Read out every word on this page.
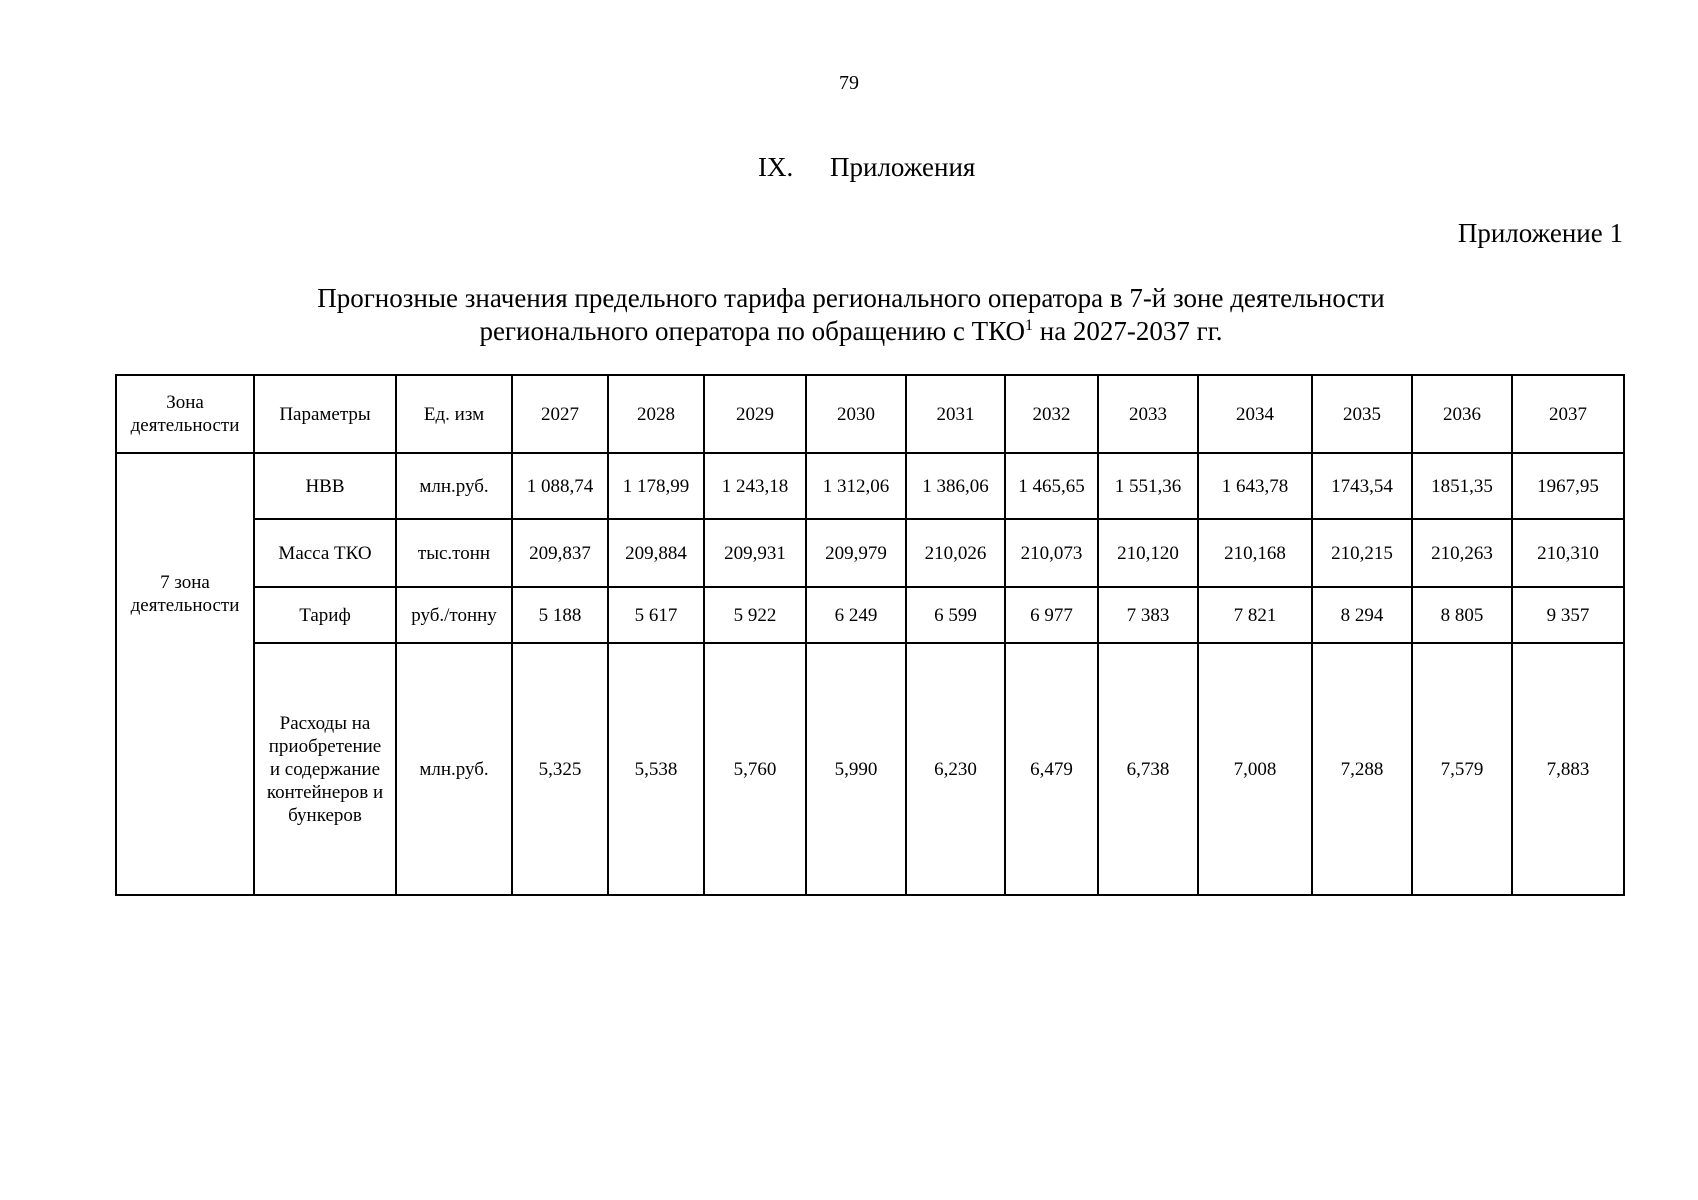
79
IX. Приложения
Приложение 1
Прогнозные значения предельного тарифа регионального оператора в 7-й зоне деятельности
регионального оператора по обращению с ТКО$^1$ на 2027-2037 гг.
Зона деятельности	Параметры	Ед. изм	2027	2028	2029	2030	2031	2032	2033	2034	2035	2036	2037
7 зона деятельности	НВВ	млн.руб.	1 088,74	1 178,99	1 243,18	1 312,06	1 386,06	1 465,65	1 551,36	1 643,78	1743,54	1851,35	1967,95
	Масса ТКО	тыс.тонн	209,837	209,884	209,931	209,979	210,026	210,073	210,120	210,168	210,215	210,263	210,310
	Тариф	руб./тонну	5 188	5 617	5 922	6 249	6 599	6 977	7 383	7 821	8 294	8 805	9 357
	Расходы на приобретение и содержание контейнеров и бункеров	млн.руб.	5,325	5,538	5,760	5,990	6,230	6,479	6,738	7,008	7,288	7,579	7,883
